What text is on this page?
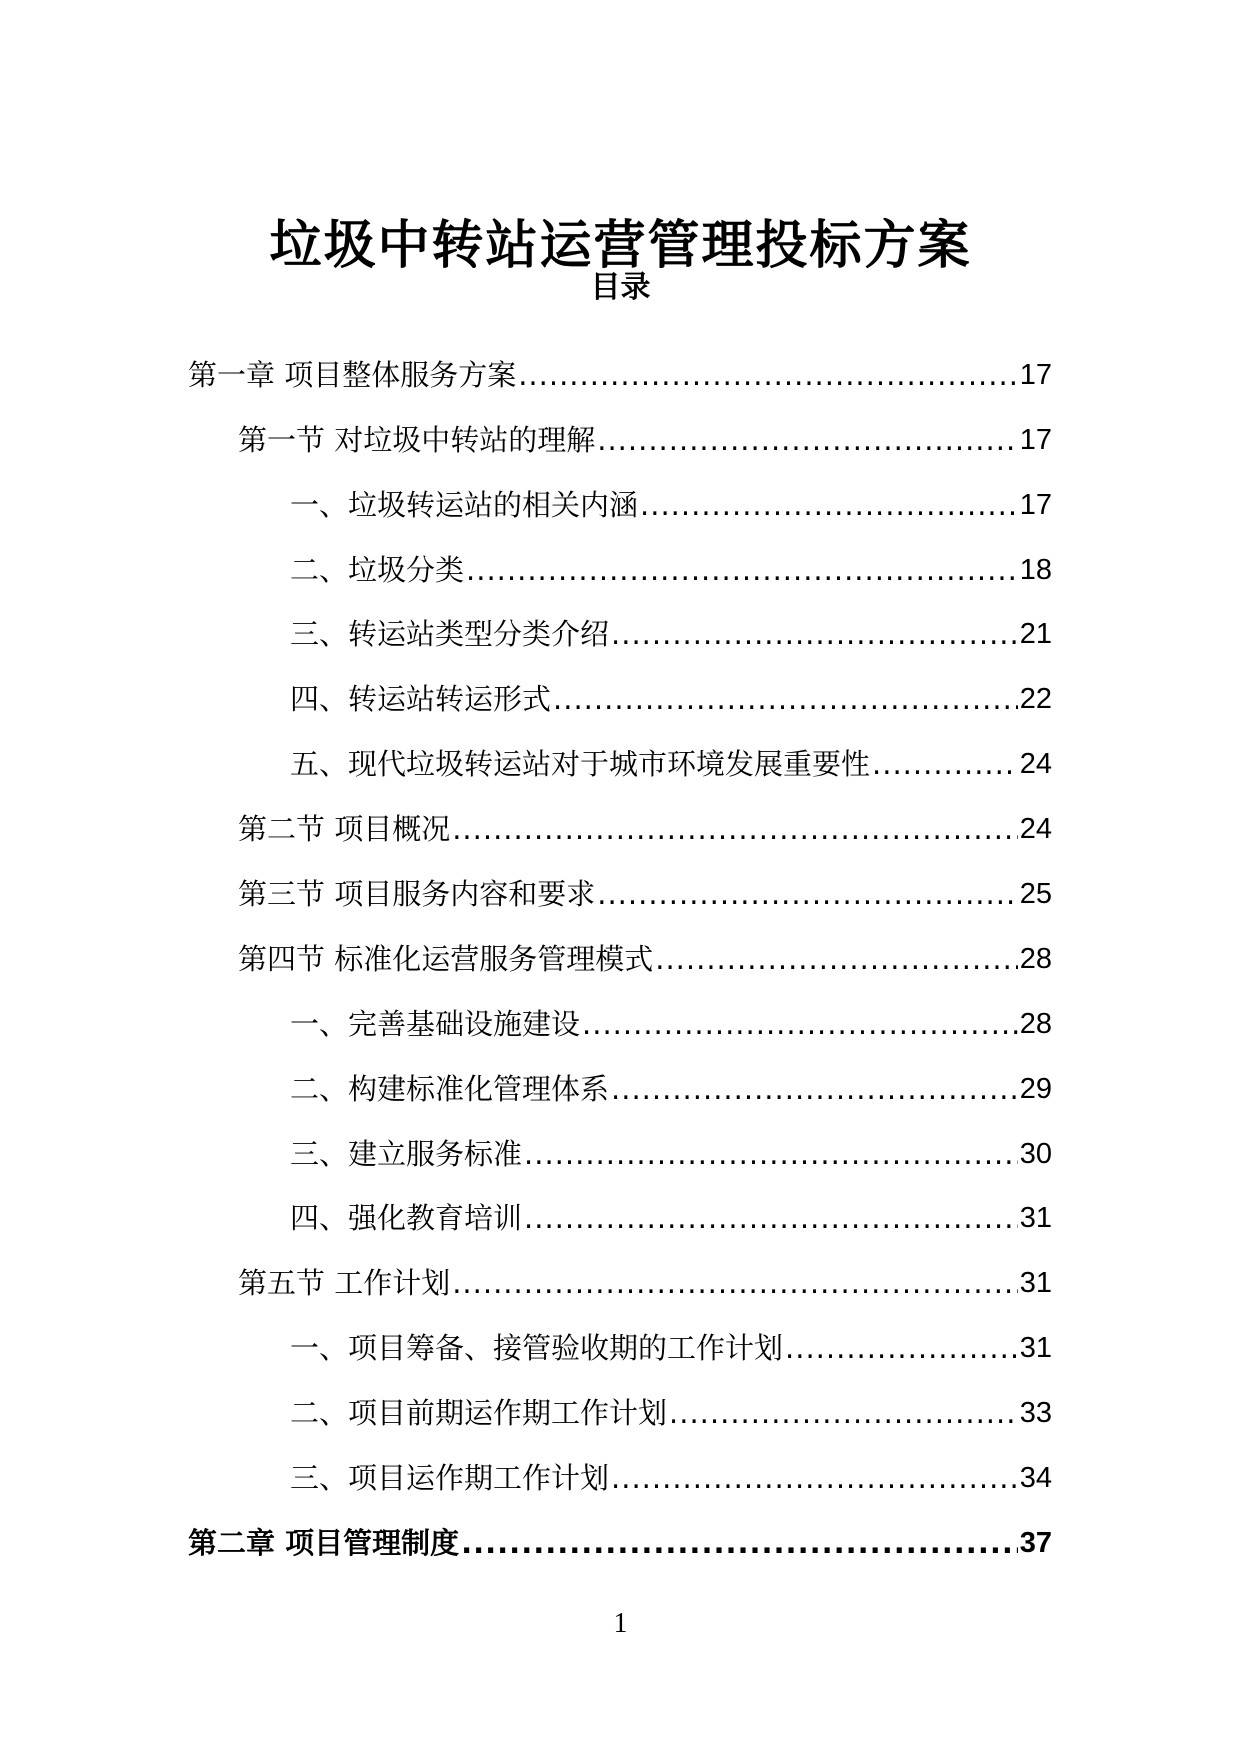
垃圾中转站运营管理投标方案
目录
第一章 项目整体服务方案 .....	17
第一节 对垃圾中转站的理解 .....	17
一、垃圾转运站的相关内涵 .....	17
二、垃圾分类 .....	18
三、转运站类型分类介绍 .....	21
四、转运站转运形式 .....	22
五、现代垃圾转运站对于城市环境发展重要性 .....	24
第二节 项目概况 .....	24
第三节 项目服务内容和要求 .....	25
第四节 标准化运营服务管理模式 .....	28
一、完善基础设施建设 .....	28
二、构建标准化管理体系 .....	29
三、建立服务标准 .....	30
四、强化教育培训 .....	31
第五节 工作计划 .....	31
一、项目筹备、接管验收期的工作计划 .....	31
二、项目前期运作期工作计划 .....	33
三、项目运作期工作计划 .....	34
第二章 项目管理制度 .....	37
1
